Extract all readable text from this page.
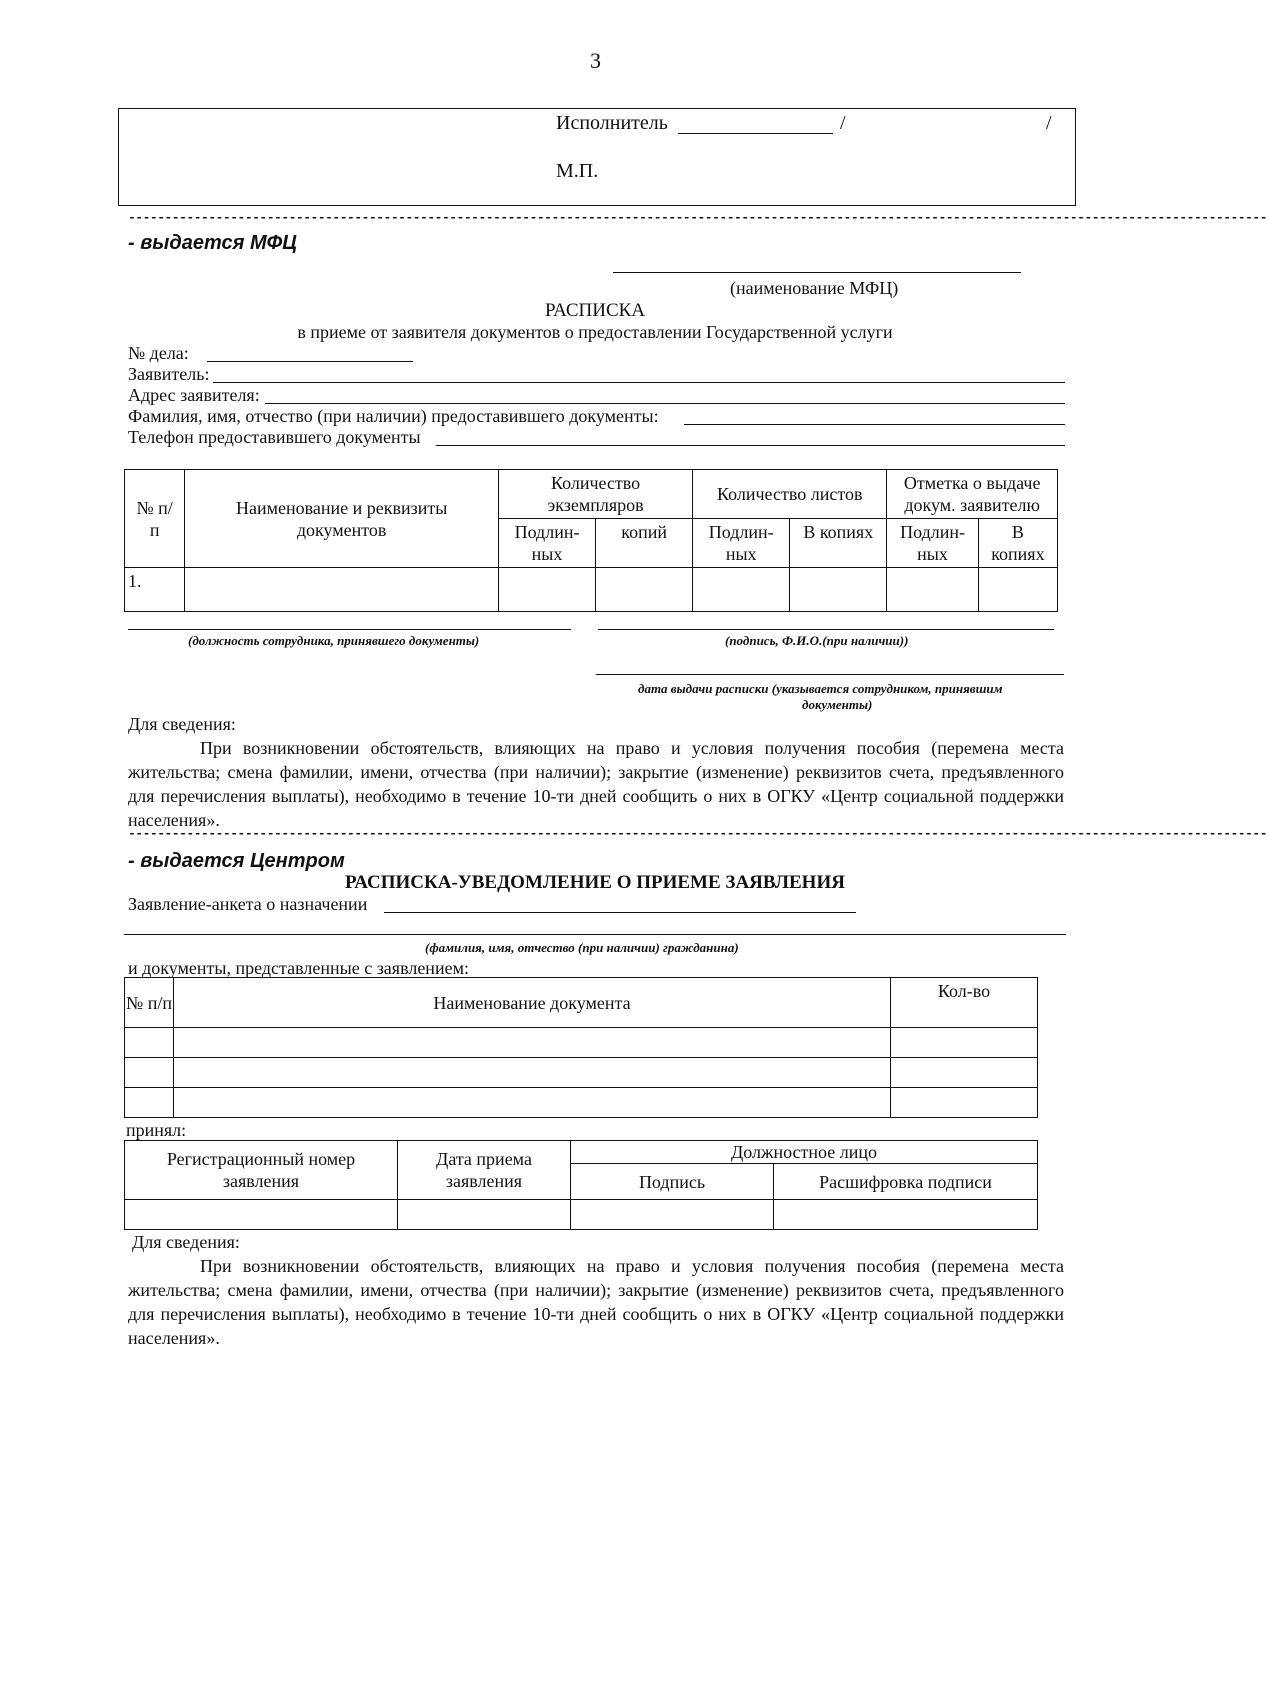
3
Исполнитель	/	/
М.П.
------------------------------------------------------------------------------------------------------------------------------------------------------------
- выдается МФЦ
(наименование МФЦ)
РАСПИСКА
в приеме от заявителя документов о предоставлении Государственной услуги
№ дела:
Заявитель:
Адрес заявителя:
Фамилия, имя, отчество (при наличии) предоставившего документы:
Телефон предоставившего документы
№ п/п	Наименование и реквизиты документов	Количество экземпляров		Количество листов		Отметка о выдаче докум. заявителю	
		Подлин-ных	копий	Подлин-ных	В копиях	Подлин-ных	В копиях
1.							
(должность сотрудника, принявшего документы)	(подпись, Ф.И.О.(при наличии))
дата выдачи расписки (указывается сотрудником, принявшим
документы)
Для сведения:
При возникновении обстоятельств, влияющих на право и условия получения пособия (перемена места жительства; смена фамилии, имени, отчества (при наличии); закрытие (изменение) реквизитов счета, предъявленного для перечисления выплаты), необходимо в течение 10-ти дней сообщить о них в ОГКУ «Центр социальной поддержки населения».
------------------------------------------------------------------------------------------------------------------------------------------------------------
- выдается Центром
РАСПИСКА-УВЕДОМЛЕНИЕ О ПРИЕМЕ ЗАЯВЛЕНИЯ
Заявление-анкета о назначении
(фамилия, имя, отчество (при наличии) гражданина)
и документы, представленные с заявлением:
№ п/п	Наименование документа	Кол-во

принял:
Регистрационный номер заявления	Дата приема заявления	Должностное лицо	
		Подпись	Расшифровка подписи

Для сведения:
При возникновении обстоятельств, влияющих на право и условия получения пособия (перемена места жительства; смена фамилии, имени, отчества (при наличии); закрытие (изменение) реквизитов счета, предъявленного для перечисления выплаты), необходимо в течение 10-ти дней сообщить о них в ОГКУ «Центр социальной поддержки населения».
